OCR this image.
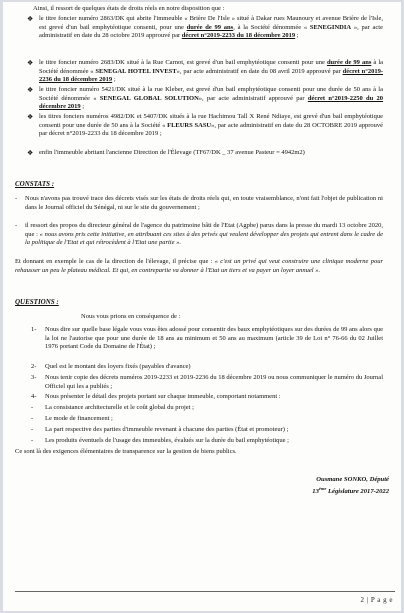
Ainsi, il ressort de quelques états de droits réels en notre disposition que :

❖ le titre foncier numéro 2863/DK qui abrite l'immeuble « Brière De l'Isle » situé à Dakar rues Maunoury et avenue Brière de l'Isle, est grevé d'un bail emphytéotique consenti, pour une durée de 99 ans, à la Société dénommée « SENEGINDIA », par acte administratif en date du 28 octobre 2019 approuvé par décret n°2019-2233 du 18 décembre 2019 ;

❖ le titre foncier numéro 2683/DK situé à la Rue Carnot, est grevé d'un bail emphytéotique consenti pour une durée de 99 ans à la Société dénommée « SENEGAL HOTEL INVEST», par acte administratif en date du 08 avril 2019 approuvé par décret n°2019-2236 du 18 décembre 2019 ;

❖ le titre foncier numéro 5421/DK situé à la rue Kleber, est grevé d'un bail emphytéotique consenti pour une durée de 50 ans à la Société dénommée « SENEGAL GLOBAL SOLUTION», par acte administratif approuvé par décret n°2019-2250 du 20 décembre 2019 ;

❖ les titres fonciers numéros 4982/DK et 5407/DK situés à la rue Hachimou Tall X René Ndiaye, est grevé d'un bail emphytéotique consenti pour une durée de 50 ans à la Société « FLEURS SASU», par acte administratif en date du 28 OCTOBRE 2019 approuvé par décret n°2019-2233 du 18 décembre 2019 ;

❖ enfin l'immeuble abritant l'ancienne Direction de l'Élevage (TF67/DK _ 37 avenue Pasteur = 4942m2)

CONSTATS :
-	Nous n'avons pas trouvé trace des décrets visés sur les états de droits réels qui, en toute vraisemblance, n'ont fait l'objet de publication ni dans le Journal officiel du Sénégal, ni sur le site du gouvernement ;

-	il ressort des propos du directeur général de l'agence du patrimoine bâti de l'Etat (Agpbe) parus dans la presse du mardi 13 octobre 2020, que : « nous avons pris cette initiative, en attribuant ces sites à des privés qui veulent développer des projets qui entrent dans le cadre de la politique de l'Etat et qui rétrocèdent à l'Etat une partie ».

Et donnant en exemple le cas de la direction de l'élevage, il précise que : « c'est un privé qui veut construire une clinique moderne pour rehausser un peu le plateau médical. Et qui, en contrepartie va donner à l'Etat un tiers et va payer un loyer annuel ».

QUESTIONS :

Nous vous prions en conséquence de :

1-	Nous dire sur quelle base légale vous vous êtes adossé pour consentir des baux emphytéotiques sur des durées de 99 ans alors que la loi ne l'autorise que pour une durée de 18 ans au minimum et 50 ans au maximum (article 39 de Loi n° 76-66 du 02 Juillet 1976 portant Code du Domaine de l'État) ;

2-	Quel est le montant des loyers fixés (payables d'avance)

3-	Nous tenir copie des décrets numéros 2019-2233 et 2019-2236 du 18 décembre 2019 ou nous communiquer le numéro du Journal Officiel qui les a publiés ;

4-	Nous présenter le détail des projets portant sur chaque immeuble, comportant notamment :

-	La consistance architecturelle et le coût global du projet ;

-	Le mode de financement ;

-	La part respective des parties d'immeuble revenant à chacune des parties (État et promoteur) ;

-	Les produits éventuels de l'usage des immeubles, évalués sur la durée du bail emphytéotique ;

Ce sont là des exigences élémentaires de transparence sur la gestion de biens publics.

Ousmane SONKO, Député
13ème Législature 2017-2022
2 | P a g e
